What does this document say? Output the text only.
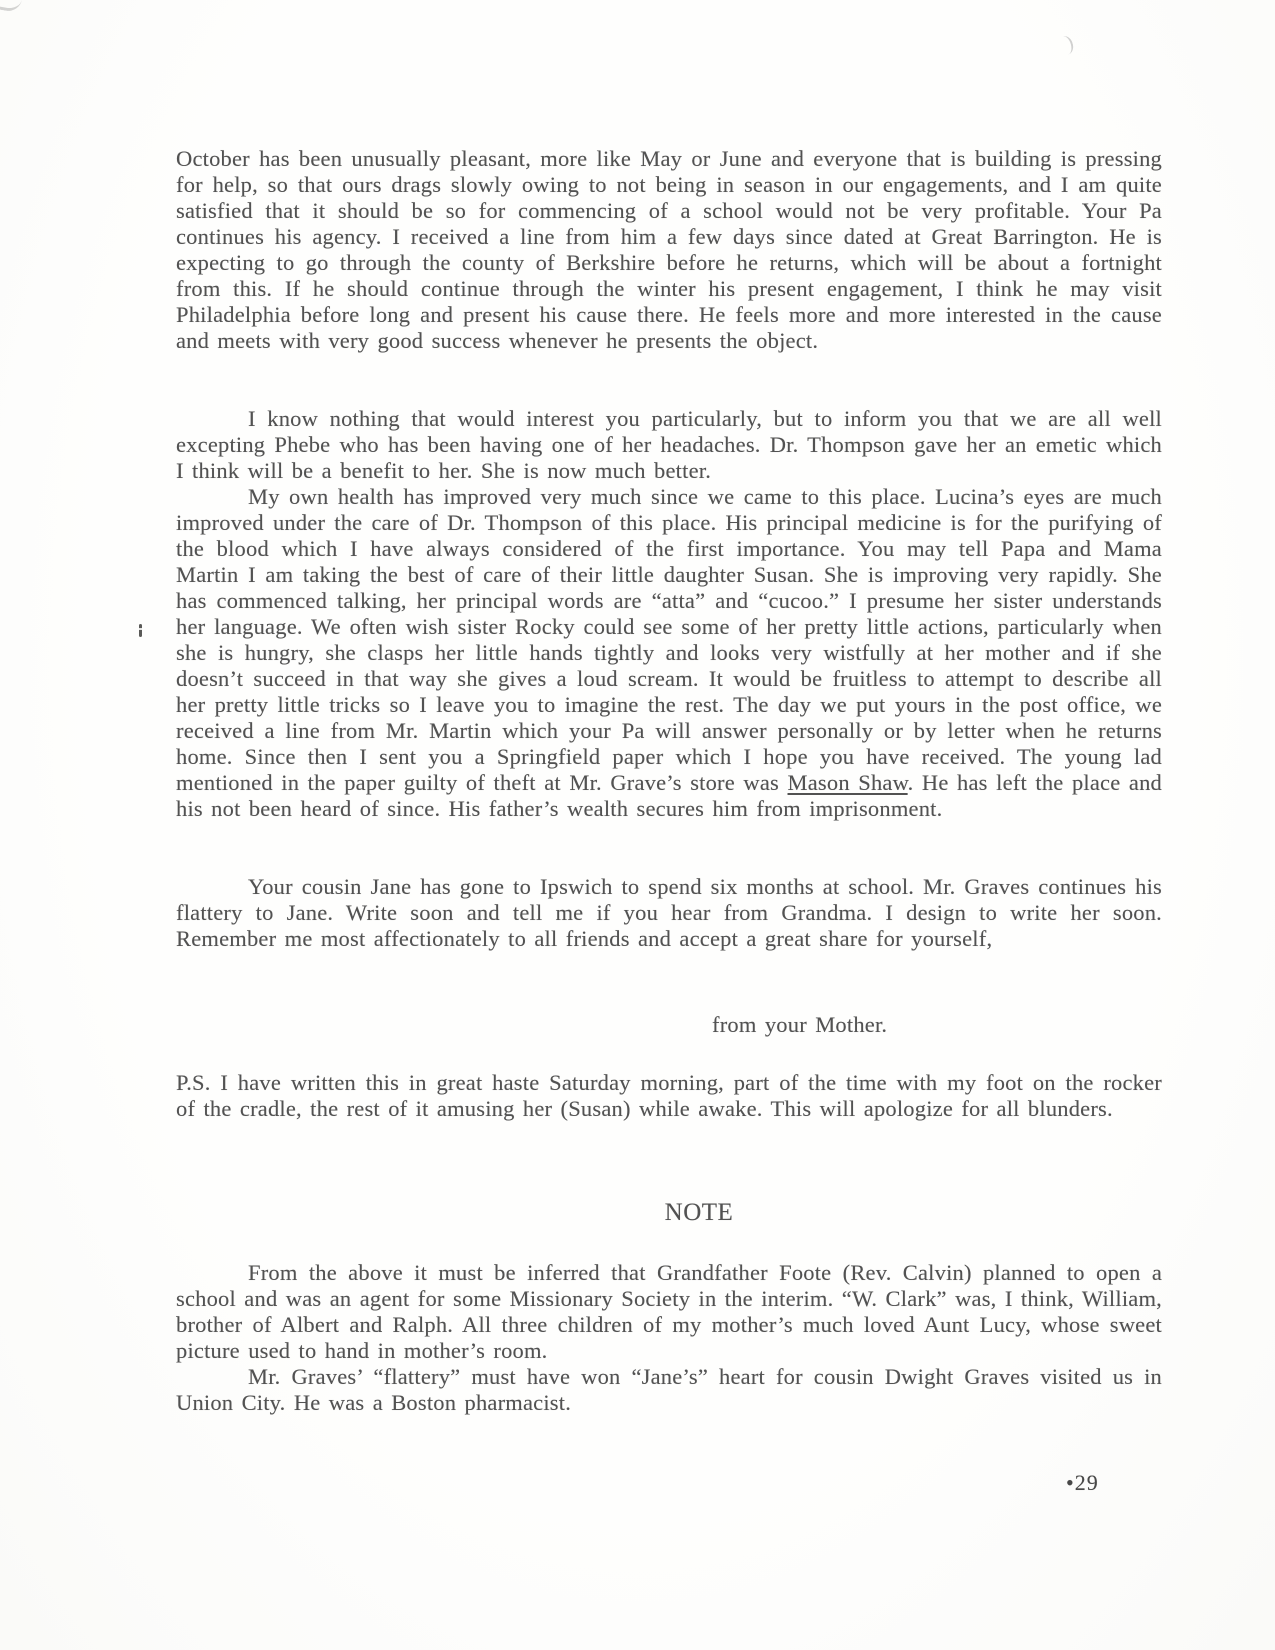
October has been unusually pleasant, more like May or June and everyone that is building is pressing for help, so that ours drags slowly owing to not being in season in our engagements, and I am quite satisfied that it should be so for commencing of a school would not be very profitable. Your Pa continues his agency. I received a line from him a few days since dated at Great Barrington. He is expecting to go through the county of Berkshire before he returns, which will be about a fortnight from this. If he should continue through the winter his present engagement, I think he may visit Philadelphia before long and present his cause there. He feels more and more interested in the cause and meets with very good success whenever he presents the object.

I know nothing that would interest you particularly, but to inform you that we are all well excepting Phebe who has been having one of her headaches. Dr. Thompson gave her an emetic which I think will be a benefit to her. She is now much better.

My own health has improved very much since we came to this place. Lucina’s eyes are much improved under the care of Dr. Thompson of this place. His principal medicine is for the purifying of the blood which I have always considered of the first importance. You may tell Papa and Mama Martin I am taking the best of care of their little daughter Susan. She is improving very rapidly. She has commenced talking, her principal words are “atta” and “cucoo.” I presume her sister understands her language. We often wish sister Rocky could see some of her pretty little actions, particularly when she is hungry, she clasps her little hands tightly and looks very wistfully at her mother and if she doesn’t succeed in that way she gives a loud scream. It would be fruitless to attempt to describe all her pretty little tricks so I leave you to imagine the rest. The day we put yours in the post office, we received a line from Mr. Martin which your Pa will answer personally or by letter when he returns home. Since then I sent you a Springfield paper which I hope you have received. The young lad mentioned in the paper guilty of theft at Mr. Grave’s store was Mason Shaw. He has left the place and his not been heard of since. His father’s wealth secures him from imprisonment.

Your cousin Jane has gone to Ipswich to spend six months at school. Mr. Graves continues his flattery to Jane. Write soon and tell me if you hear from Grandma. I design to write her soon. Remember me most affectionately to all friends and accept a great share for yourself,

from your Mother.

P.S. I have written this in great haste Saturday morning, part of the time with my foot on the rocker of the cradle, the rest of it amusing her (Susan) while awake. This will apologize for all blunders.

NOTE

From the above it must be inferred that Grandfather Foote (Rev. Calvin) planned to open a school and was an agent for some Missionary Society in the interim. “W. Clark” was, I think, William, brother of Albert and Ralph. All three children of my mother’s much loved Aunt Lucy, whose sweet picture used to hand in mother’s room.

Mr. Graves’ “flattery” must have won “Jane’s” heart for cousin Dwight Graves visited us in Union City. He was a Boston pharmacist.

•29
